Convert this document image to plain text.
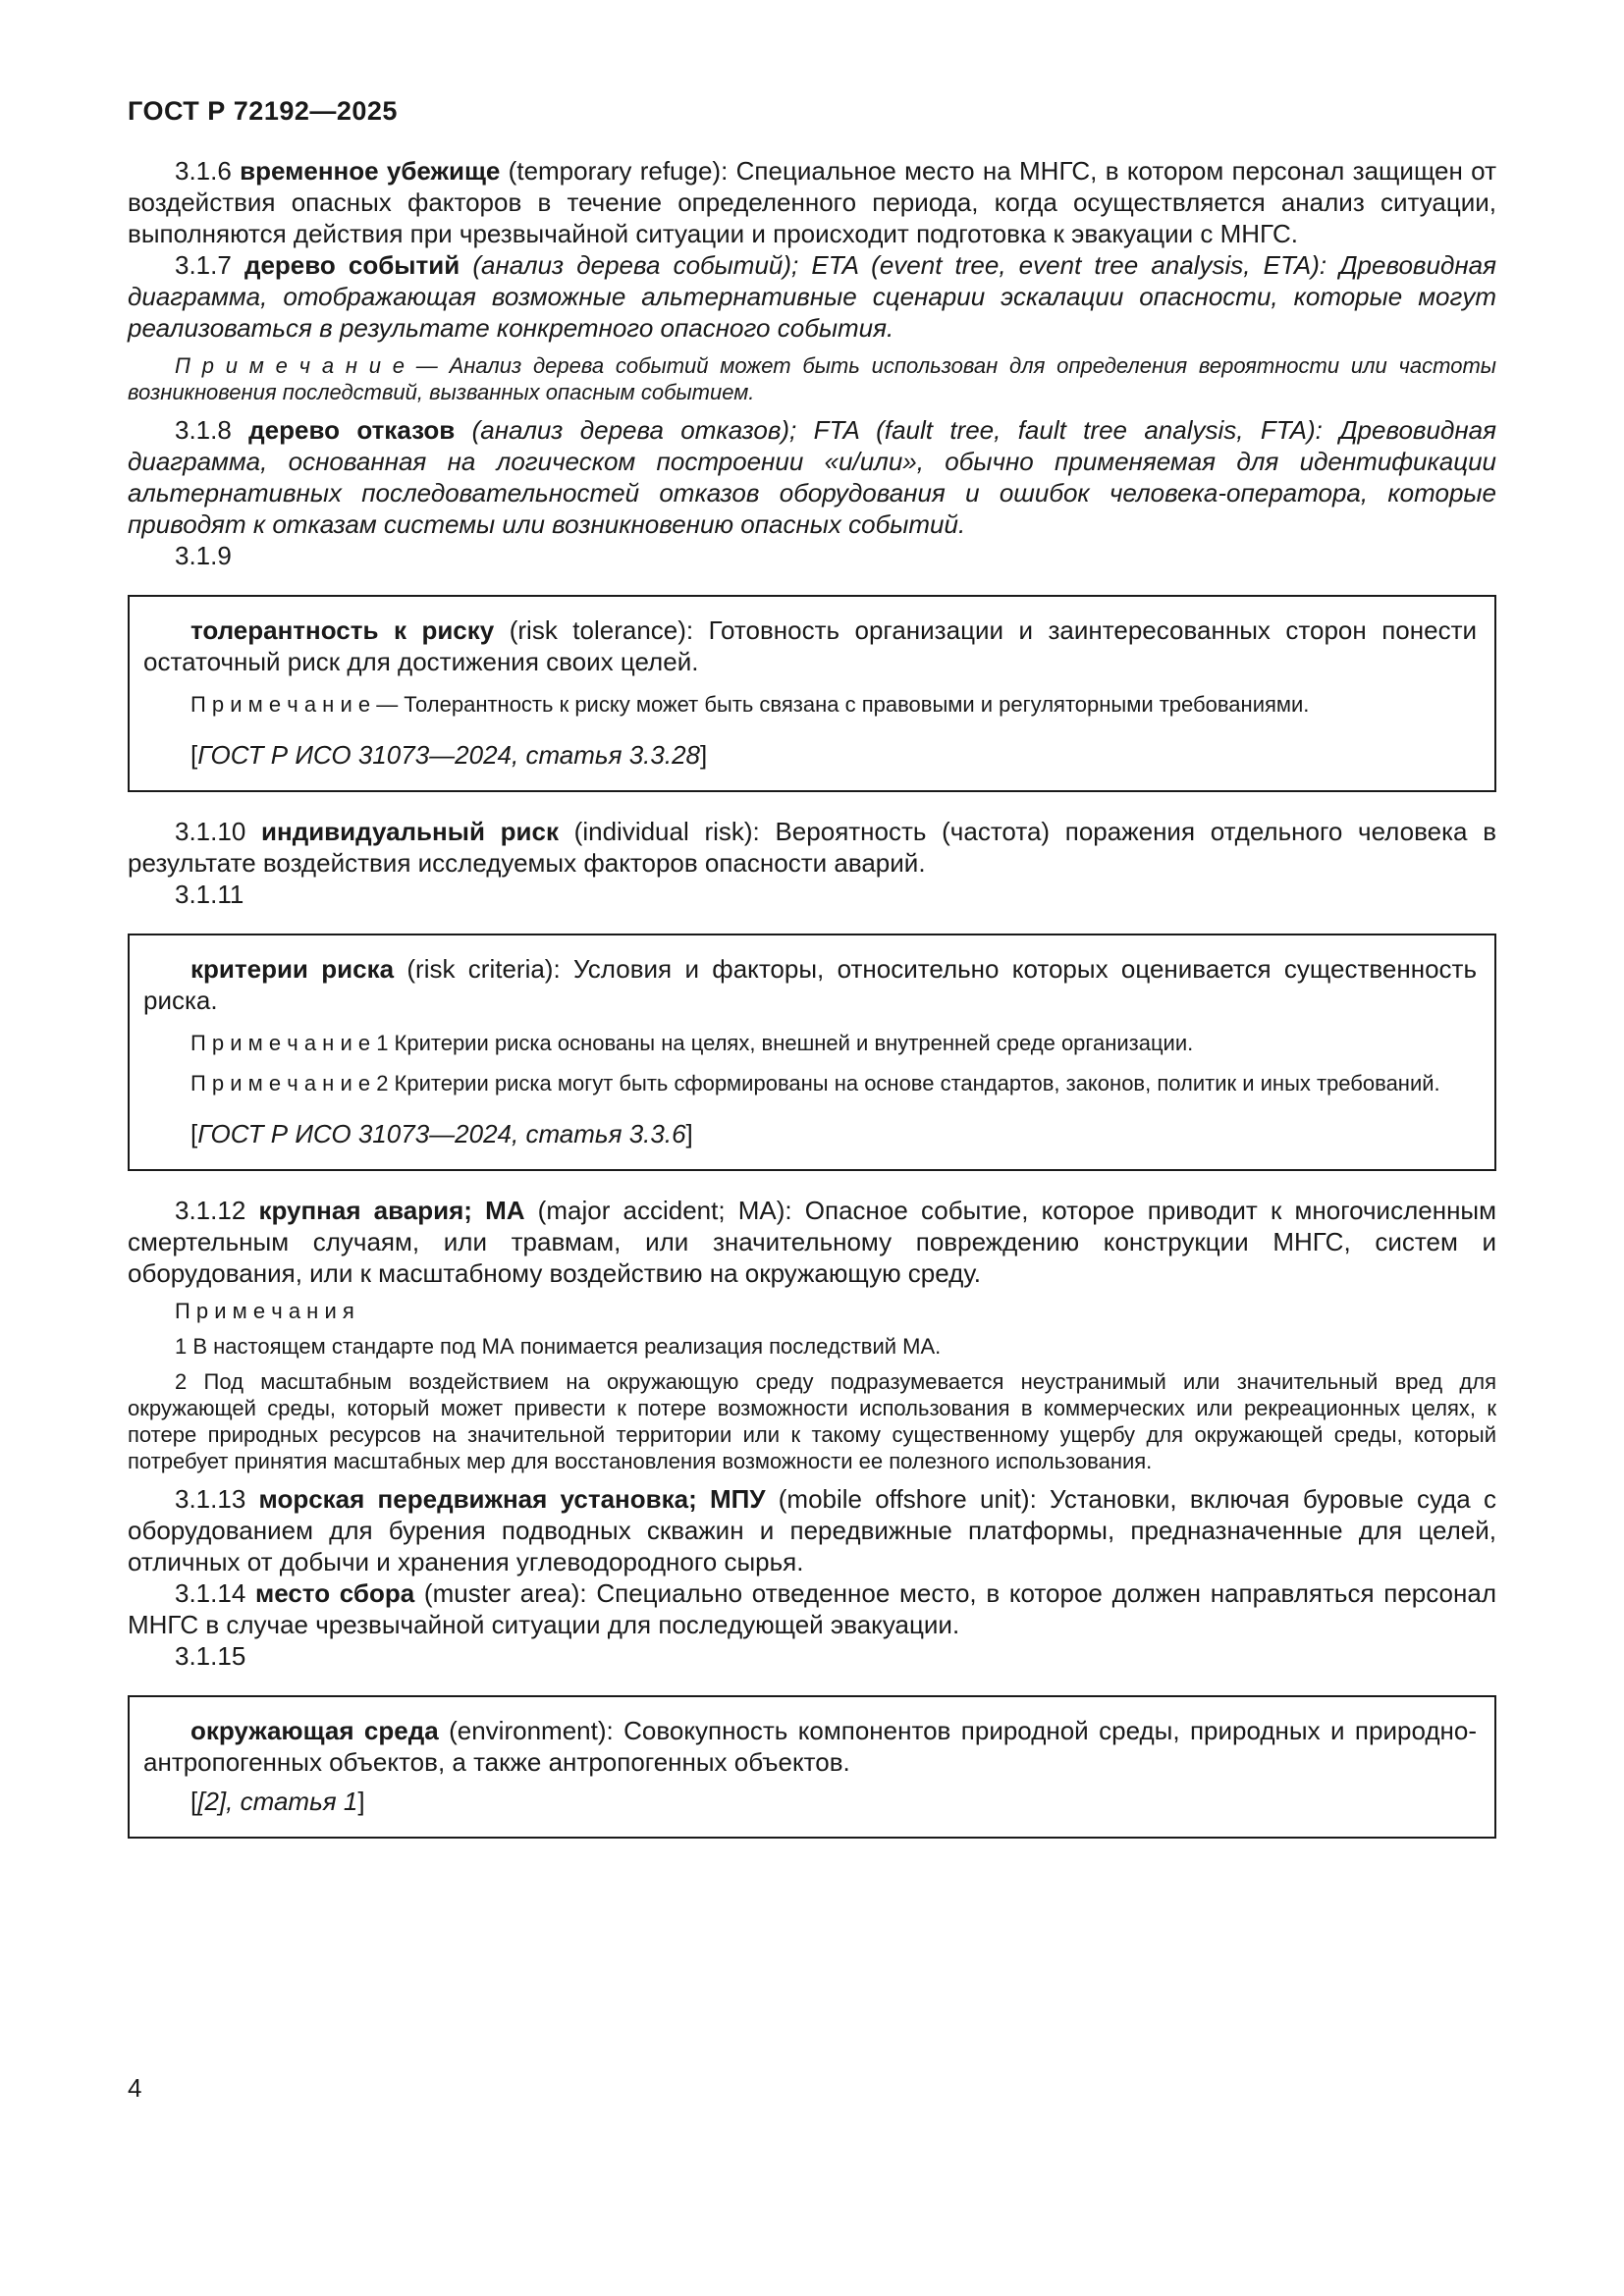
ГОСТ Р 72192—2025
3.1.6 временное убежище (temporary refuge): Специальное место на МНГС, в котором персонал защищен от воздействия опасных факторов в течение определенного периода, когда осуществляется анализ ситуации, выполняются действия при чрезвычайной ситуации и происходит подготовка к эвакуации с МНГС.
3.1.7 дерево событий (анализ дерева событий); ETA (event tree, event tree analysis, ETA): Древовидная диаграмма, отображающая возможные альтернативные сценарии эскалации опасности, которые могут реализоваться в результате конкретного опасного события.
П р и м е ч а н и е — Анализ дерева событий может быть использован для определения вероятности или частоты возникновения последствий, вызванных опасным событием.
3.1.8 дерево отказов (анализ дерева отказов); FTA (fault tree, fault tree analysis, FTA): Древовидная диаграмма, основанная на логическом построении «и/или», обычно применяемая для идентификации альтернативных последовательностей отказов оборудования и ошибок человека-оператора, которые приводят к отказам системы или возникновению опасных событий.
3.1.9
толерантность к риску (risk tolerance): Готовность организации и заинтересованных сторон понести остаточный риск для достижения своих целей.
П р и м е ч а н и е — Толерантность к риску может быть связана с правовыми и регуляторными требованиями.
[ГОСТ Р ИСО 31073—2024, статья 3.3.28]
3.1.10 индивидуальный риск (individual risk): Вероятность (частота) поражения отдельного человека в результате воздействия исследуемых факторов опасности аварий.
3.1.11
критерии риска (risk criteria): Условия и факторы, относительно которых оценивается существенность риска.
П р и м е ч а н и е 1 Критерии риска основаны на целях, внешней и внутренней среде организации.
П р и м е ч а н и е 2 Критерии риска могут быть сформированы на основе стандартов, законов, политик и иных требований.
[ГОСТ Р ИСО 31073—2024, статья 3.3.6]
3.1.12 крупная авария; МА (major accident; MA): Опасное событие, которое приводит к многочисленным смертельным случаям, или травмам, или значительному повреждению конструкции МНГС, систем и оборудования, или к масштабному воздействию на окружающую среду.
П р и м е ч а н и я
1 В настоящем стандарте под МА понимается реализация последствий МА.
2 Под масштабным воздействием на окружающую среду подразумевается неустранимый или значительный вред для окружающей среды, который может привести к потере возможности использования в коммерческих или рекреационных целях, к потере природных ресурсов на значительной территории или к такому существенному ущербу для окружающей среды, который потребует принятия масштабных мер для восстановления возможности ее полезного использования.
3.1.13 морская передвижная установка; МПУ (mobile offshore unit): Установки, включая буровые суда с оборудованием для бурения подводных скважин и передвижные платформы, предназначенные для целей, отличных от добычи и хранения углеводородного сырья.
3.1.14 место сбора (muster area): Специально отведенное место, в которое должен направляться персонал МНГС в случае чрезвычайной ситуации для последующей эвакуации.
3.1.15
окружающая среда (environment): Совокупность компонентов природной среды, природных и природно-антропогенных объектов, а также антропогенных объектов.
[[2], статья 1]
4
